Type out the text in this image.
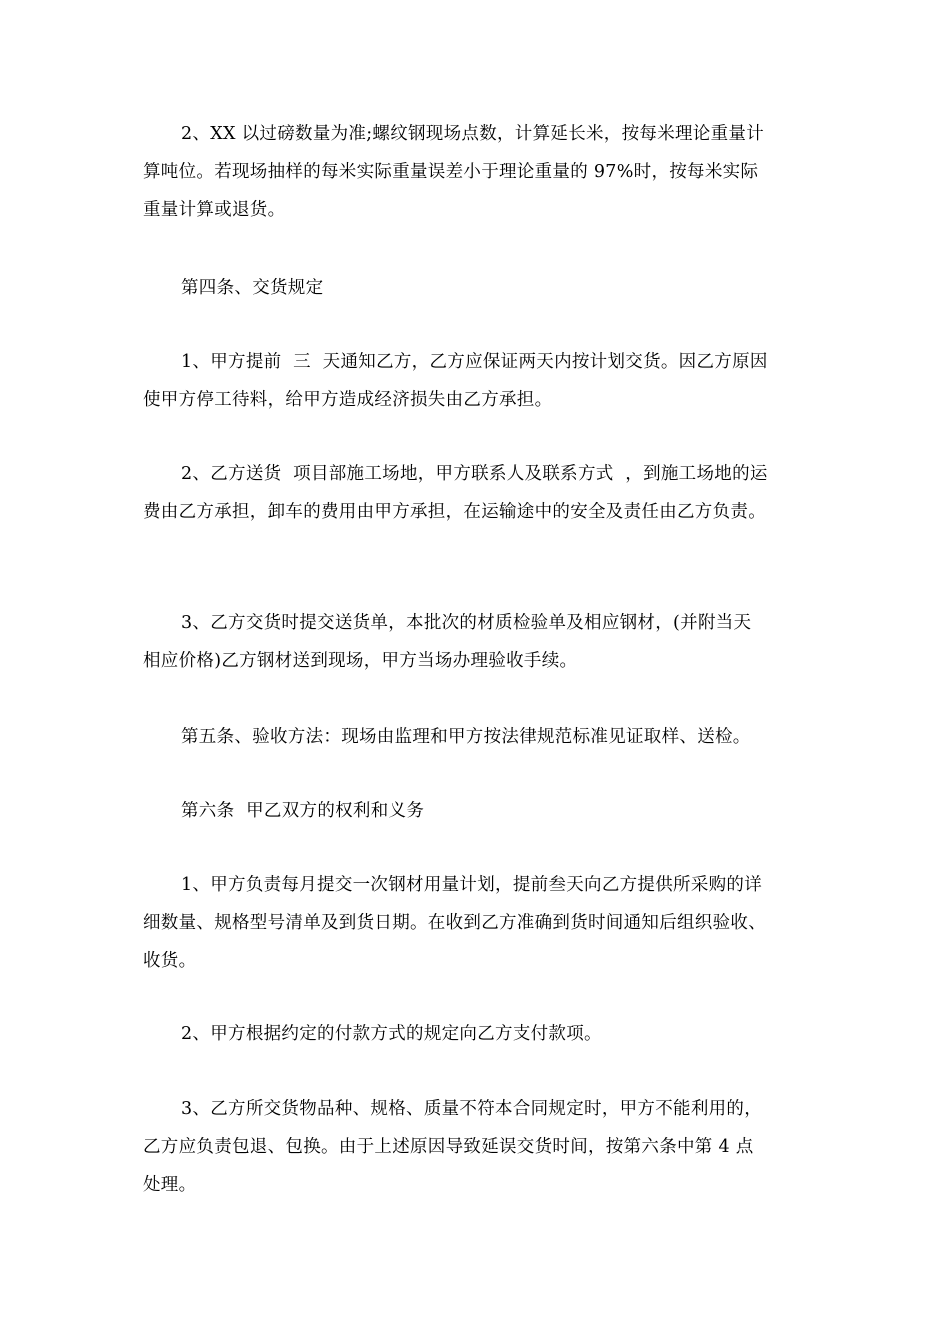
2、XX 以过磅数量为准;螺纹钢现场点数，计算延长米，按每米理论重量计
算吨位。若现场抽样的每米实际重量误差小于理论重量的 97%时，按每米实际
重量计算或退货。
第四条、交货规定
1、甲方提前  三  天通知乙方，乙方应保证两天内按计划交货。因乙方原因
使甲方停工待料，给甲方造成经济损失由乙方承担。
2、乙方送货  项目部施工场地，甲方联系人及联系方式  ，到施工场地的运
费由乙方承担，卸车的费用由甲方承担，在运输途中的安全及责任由乙方负责。
3、乙方交货时提交送货单，本批次的材质检验单及相应钢材，(并附当天
相应价格)乙方钢材送到现场，甲方当场办理验收手续。
第五条、验收方法：现场由监理和甲方按法律规范标准见证取样、送检。
第六条  甲乙双方的权利和义务
1、甲方负责每月提交一次钢材用量计划，提前叁天向乙方提供所采购的详
细数量、规格型号清单及到货日期。在收到乙方准确到货时间通知后组织验收、
收货。
2、甲方根据约定的付款方式的规定向乙方支付款项。
3、乙方所交货物品种、规格、质量不符本合同规定时，甲方不能利用的，
乙方应负责包退、包换。由于上述原因导致延误交货时间，按第六条中第 4 点
处理。
